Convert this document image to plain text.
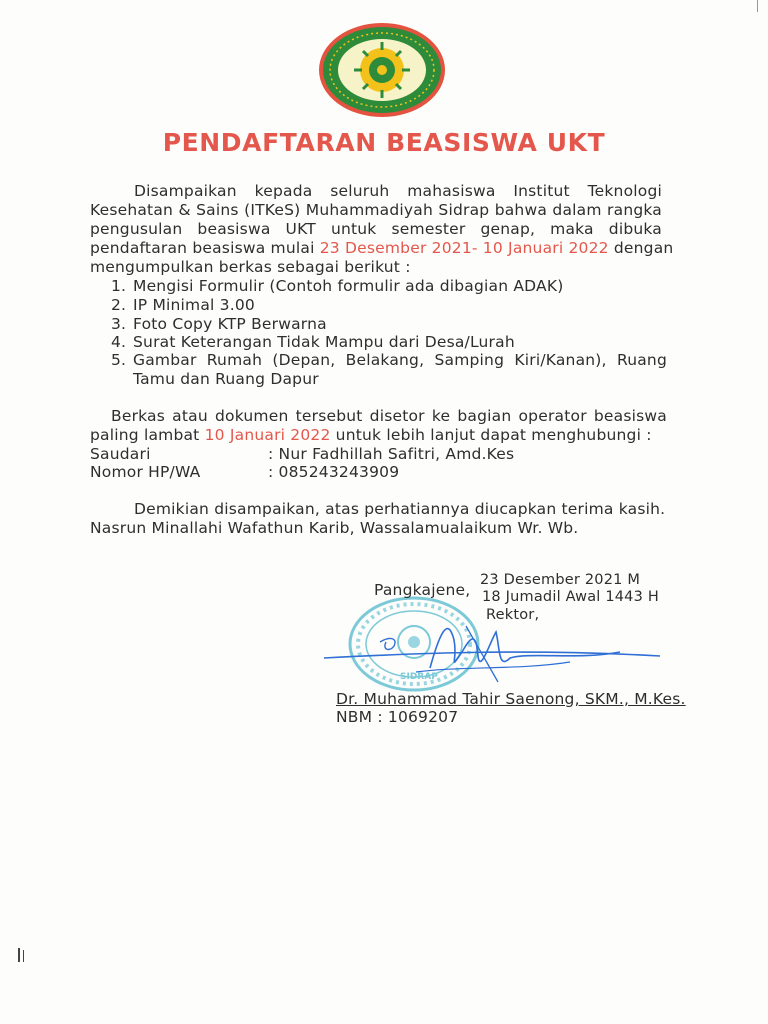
PENDAFTARAN BEASISWA UKT
Disampaikan kepada seluruh mahasiswa Institut Teknologi
Kesehatan & Sains (ITKeS) Muhammadiyah Sidrap bahwa dalam rangka
pengusulan beasiswa UKT untuk semester genap, maka dibuka
pendaftaran beasiswa mulai 23 Desember 2021- 10 Januari 2022 dengan
mengumpulkan berkas sebagai berikut :
1. Mengisi Formulir (Contoh formulir ada dibagian ADAK)
2. IP Minimal 3.00
3. Foto Copy KTP Berwarna
4. Surat Keterangan Tidak Mampu dari Desa/Lurah
5. Gambar Rumah (Depan, Belakang, Samping Kiri/Kanan), Ruang
Tamu dan Ruang Dapur
Berkas atau dokumen tersebut disetor ke bagian operator beasiswa
paling lambat 10 Januari 2022 untuk lebih lanjut dapat menghubungi :
Saudari	: Nur Fadhillah Safitri, Amd.Kes
Nomor HP/WA	: 085243243909
Demikian disampaikan, atas perhatiannya diucapkan terima kasih.
Nasrun Minallahi Wafathun Karib, Wassalamualaikum Wr. Wb.
SIDRAP
Pangkajene,
23 Desember 2021 M
18 Jumadil Awal 1443 H
Rektor,
Dr. Muhammad Tahir Saenong, SKM., M.Kes.
NBM : 1069207
